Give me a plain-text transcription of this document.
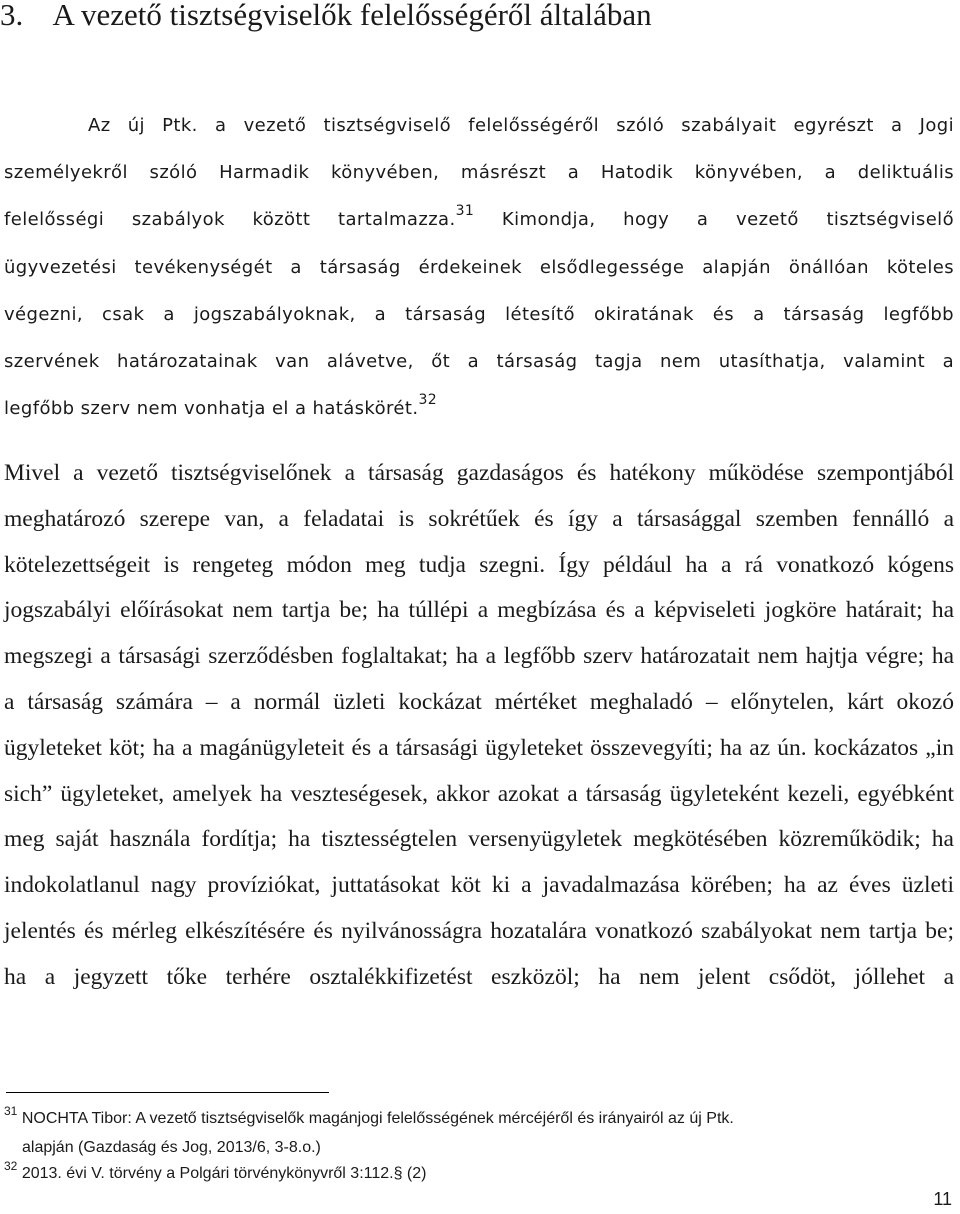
3.    A vezető tisztségviselők felelősségéről általában

Az új Ptk. a vezető tisztségviselő felelősségéről szóló szabályait egyrészt a Jogi

személyekről szóló Harmadik könyvében, másrészt a Hatodik könyvében, a deliktuális

felelősségi szabályok között tartalmazza.$^{31}$ Kimondja, hogy a vezető tisztségviselő

ügyvezetési tevékenységét a társaság érdekeinek elsődlegessége alapján önállóan köteles

végezni, csak a jogszabályoknak, a társaság létesítő okiratának és a társaság legfőbb

szervének határozatainak van alávetve, őt a társaság tagja nem utasíthatja, valamint a

legfőbb szerv nem vonhatja el a hatáskörét.$^{32}$

Mivel a vezető tisztségviselőnek a társaság gazdaságos és hatékony működése szempontjából

meghatározó szerepe van, a feladatai is sokrétűek és így a társasággal szemben fennálló a

kötelezettségeit is rengeteg módon meg tudja szegni. Így például ha a rá vonatkozó kógens

jogszabályi előírásokat nem tartja be; ha túllépi a megbízása és a képviseleti jogköre határait; ha

megszegi a társasági szerződésben foglaltakat; ha a legfőbb szerv határozatait nem hajtja végre; ha

a társaság számára – a normál üzleti kockázat mértéket meghaladó – előnytelen, kárt okozó

ügyleteket köt; ha a magánügyleteit és a társasági ügyleteket összevegyíti; ha az ún. kockázatos „in

sich” ügyleteket, amelyek ha veszteségesek, akkor azokat a társaság ügyleteként kezeli, egyébként

meg saját használa fordítja; ha tisztességtelen versenyügyletek megkötésében közreműködik; ha

indokolatlanul nagy províziókat, juttatásokat köt ki a javadalmazása körében; ha az éves üzleti

jelentés és mérleg elkészítésére és nyilvánosságra hozatalára vonatkozó szabályokat nem tartja be;

ha a jegyzett tőke terhére osztalékkifizetést eszközöl; ha nem jelent csődöt, jóllehet a

$^{31}$ NOCHTA Tibor: A vezető tisztségviselők magánjogi felelősségének mércéjéről és irányairól az új Ptk.

alapján (Gazdaság és Jog, 2013/6, 3-8.o.)

$^{32}$ 2013. évi V. törvény a Polgári törvénykönyvről 3:112.§ (2)

11
